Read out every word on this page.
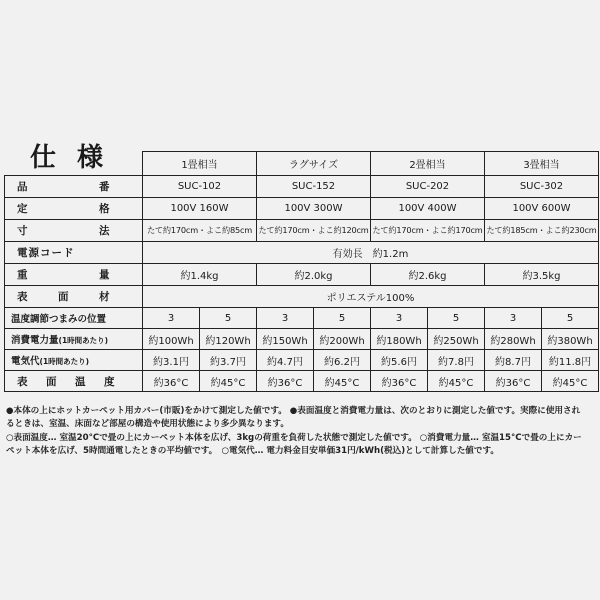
仕 様
		1畳相当	ラグサイズ	2畳相当	3畳相当
品　　　番	SUC-102	SUC-152	SUC-202	SUC-302
定　　　格	100V 160W	100V 300W	100V 400W	100V 600W
寸　　　法	たて約170cm・よこ約85cm	たて約170cm・よこ約120cm	たて約170cm・よこ約170cm	たて約185cm・よこ約230cm
電源コード	有効長　約1.2m			
重　　　量	約1.4kg	約2.0kg	約2.6kg	約3.5kg
表　面　材	ポリエステル100%			
温度調節つまみの位置	3	5	3	5	3	5	3	5
消費電力量(1時間あたり)	約100Wh	約120Wh	約150Wh	約200Wh	約180Wh	約250Wh	約280Wh	約380Wh
電気代(1時間あたり)	約3.1円	約3.7円	約4.7円	約6.2円	約5.6円	約7.8円	約8.7円	約11.8円
表　面　温　度	約36°C	約45°C	約36°C	約45°C	約36°C	約45°C	約36°C	約45°C
●本体の上にホットカーペット用カバー(市販)をかけて測定した値です。 ●表面温度と消費電力量は、次のとおりに測定した値です。実際に使用され
るときは、室温、床面など部屋の構造や使用状態により多少異なります。
○表面温度… 室温20°Cで畳の上にカーペット本体を広げ、3kgの荷重を負荷した状態で測定した値です。 ○消費電力量… 室温15°Cで畳の上にカー
ペット本体を広げ、5時間通電したときの平均値です。　○電気代… 電力料金目安単価31円/kWh(税込)として計算した値です。
